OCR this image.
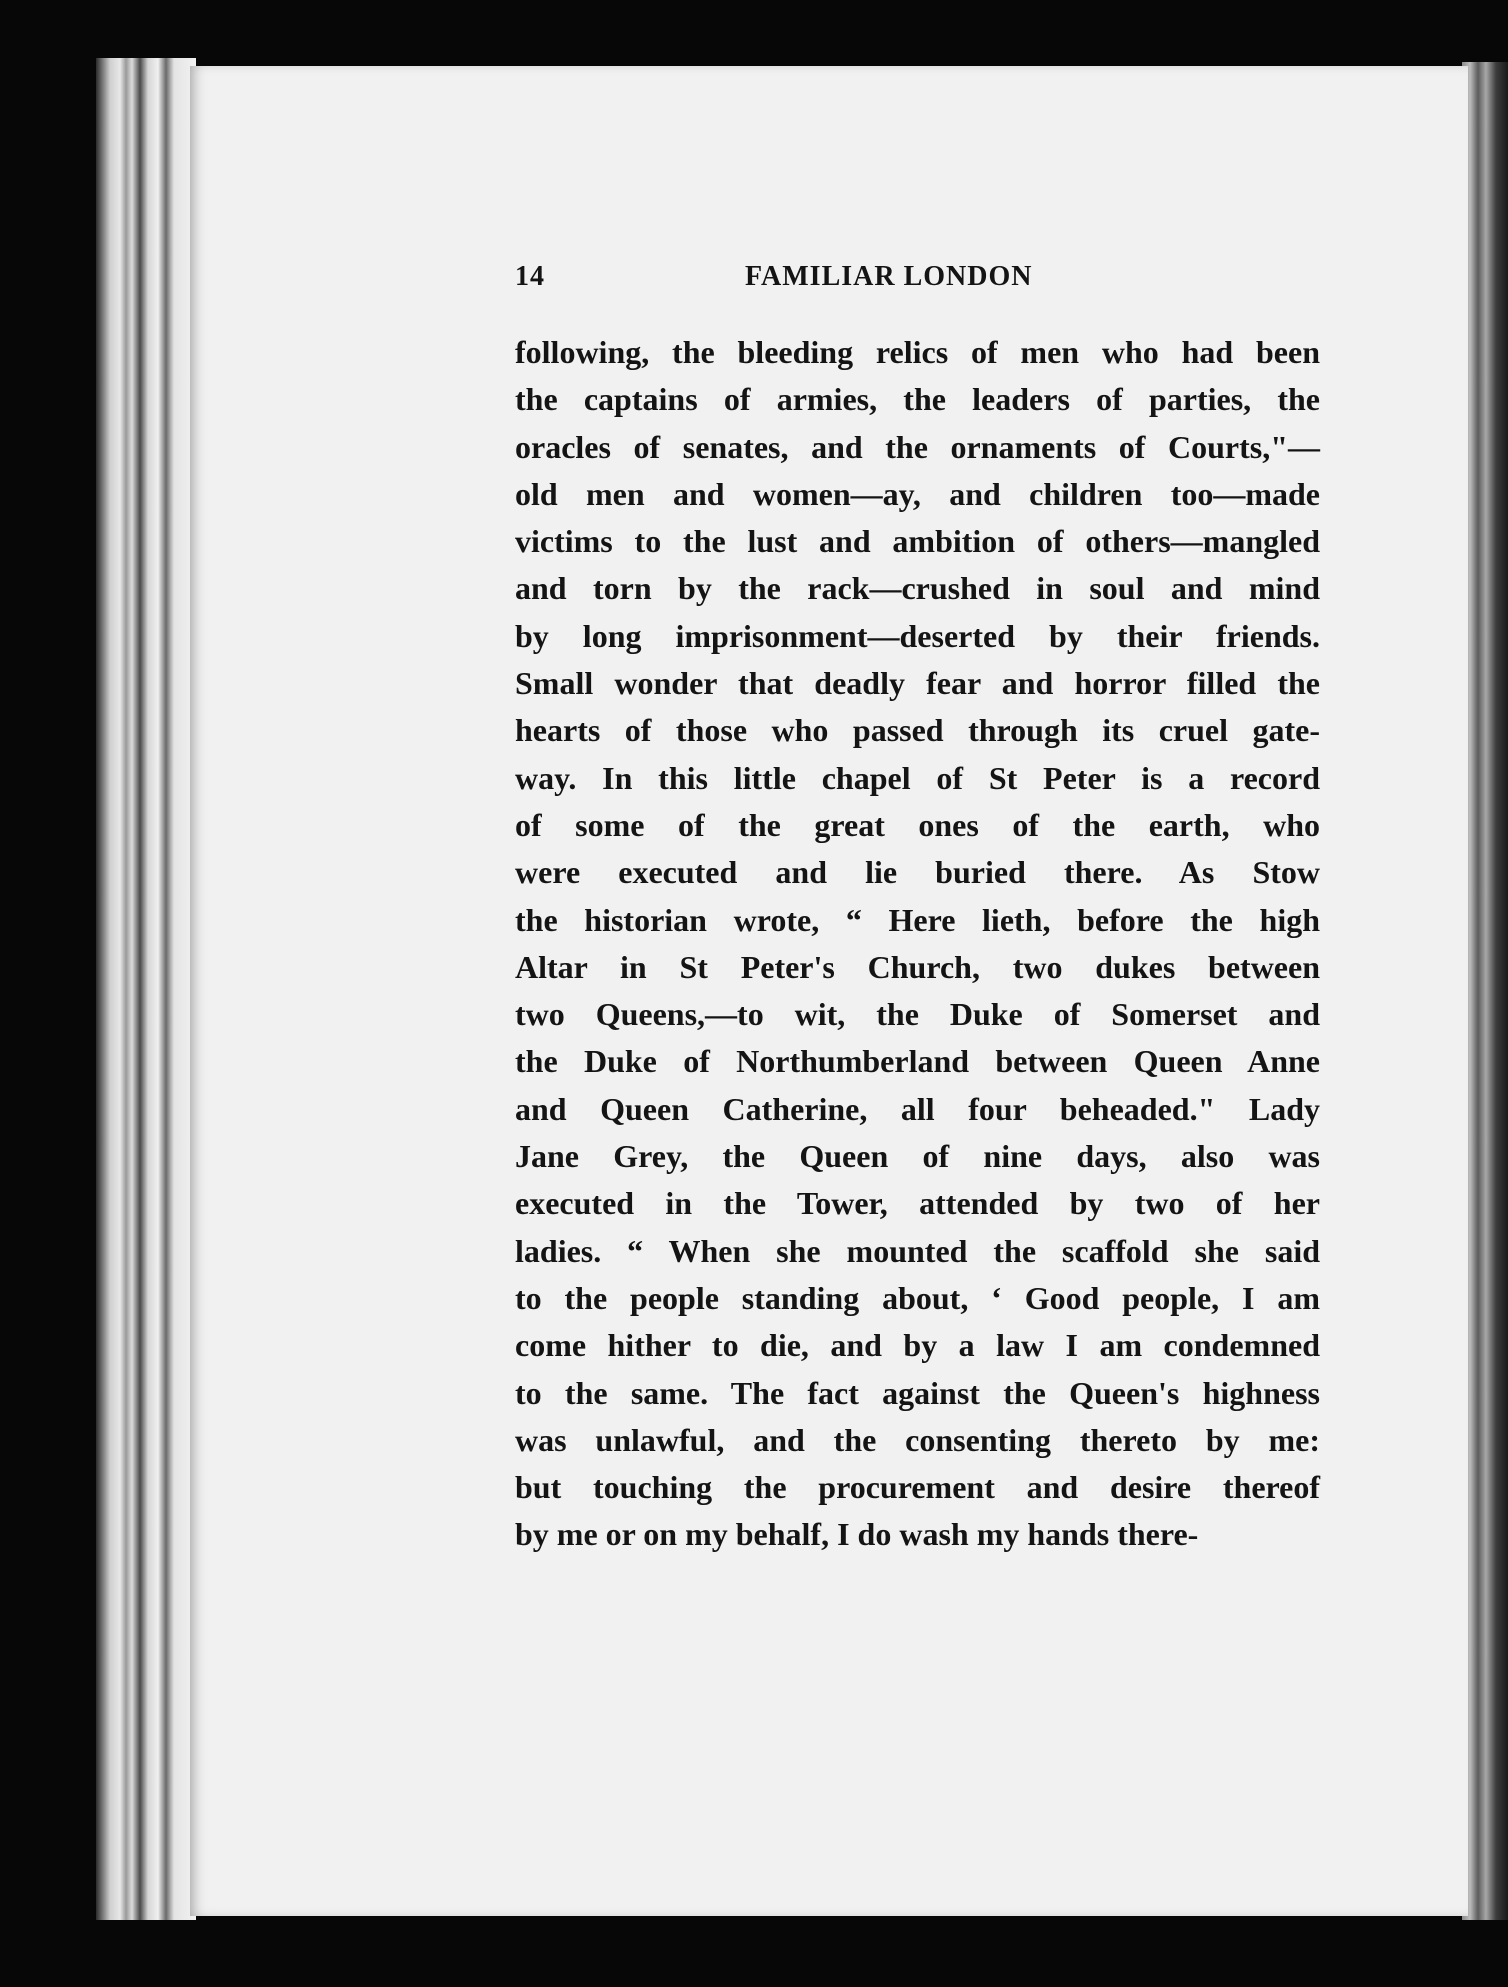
14	FAMILIAR LONDON
following, the bleeding relics of men who had been
the captains of armies, the leaders of parties, the
oracles of senates, and the ornaments of Courts,"—
old men and women—ay, and children too—made
victims to the lust and ambition of others—mangled
and torn by the rack—crushed in soul and mind
by long imprisonment—deserted by their friends.
Small wonder that deadly fear and horror filled the
hearts of those who passed through its cruel gate-
way. In this little chapel of St Peter is a record
of some of the great ones of the earth, who
were executed and lie buried there. As Stow
the historian wrote, “ Here lieth, before the high
Altar in St Peter's Church, two dukes between
two Queens,—to wit, the Duke of Somerset and
the Duke of Northumberland between Queen Anne
and Queen Catherine, all four beheaded." Lady
Jane Grey, the Queen of nine days, also was
executed in the Tower, attended by two of her
ladies. “ When she mounted the scaffold she said
to the people standing about, ‘ Good people, I am
come hither to die, and by a law I am condemned
to the same. The fact against the Queen's highness
was unlawful, and the consenting thereto by me:
but touching the procurement and desire thereof
by me or on my behalf, I do wash my hands there-
